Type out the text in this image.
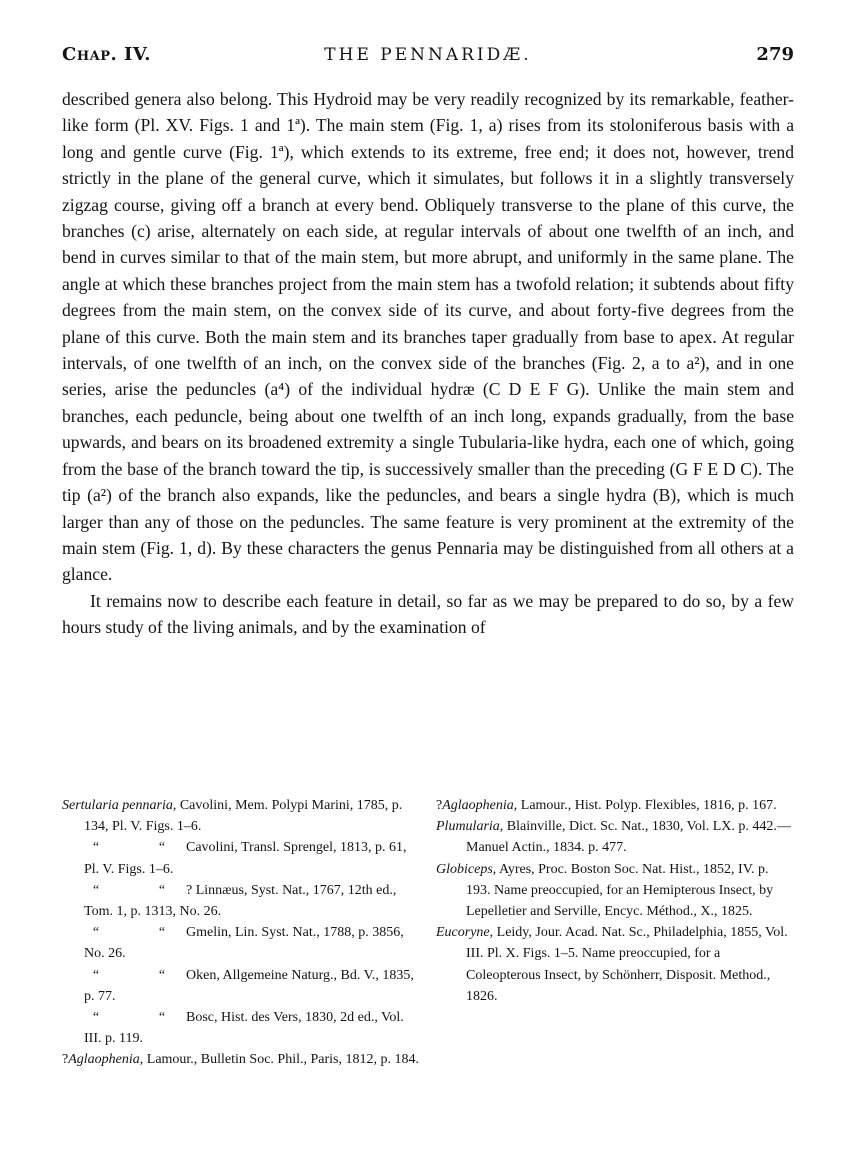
Chap. IV.	THE PENNARIDÆ.	279

described genera also belong. This Hydroid may be very readily recognized by its remarkable, feather-like form (Pl. XV. Figs. 1 and 1ª). The main stem (Fig. 1, a) rises from its stoloniferous basis with a long and gentle curve (Fig. 1ª), which extends to its extreme, free end; it does not, however, trend strictly in the plane of the general curve, which it simulates, but follows it in a slightly transversely zigzag course, giving off a branch at every bend. Obliquely transverse to the plane of this curve, the branches (c) arise, alternately on each side, at regular intervals of about one twelfth of an inch, and bend in curves similar to that of the main stem, but more abrupt, and uniformly in the same plane. The angle at which these branches project from the main stem has a twofold relation; it subtends about fifty degrees from the main stem, on the convex side of its curve, and about forty-five degrees from the plane of this curve. Both the main stem and its branches taper gradually from base to apex. At regular intervals, of one twelfth of an inch, on the convex side of the branches (Fig. 2, a to a²), and in one series, arise the peduncles (a⁴) of the individual hydræ (C D E F G). Unlike the main stem and branches, each peduncle, being about one twelfth of an inch long, expands gradually, from the base upwards, and bears on its broadened extremity a single Tubularia-like hydra, each one of which, going from the base of the branch toward the tip, is successively smaller than the preceding (G F E D C). The tip (a²) of the branch also expands, like the peduncles, and bears a single hydra (B), which is much larger than any of those on the peduncles. The same feature is very prominent at the extremity of the main stem (Fig. 1, d). By these characters the genus Pennaria may be distinguished from all others at a glance.

It remains now to describe each feature in detail, so far as we may be prepared to do so, by a few hours study of the living animals, and by the examination of

Sertularia pennaria, Cavolini, Mem. Polypi Marini, 1785, p. 134, Pl. V. Figs. 1–6.

“	“ Cavolini, Transl. Sprengel, 1813, p. 61, Pl. V. Figs. 1–6.

“	“ ? Linnæus, Syst. Nat., 1767, 12th ed., Tom. 1, p. 1313, No. 26.

“	“ Gmelin, Lin. Syst. Nat., 1788, p. 3856, No. 26.

“	“ Oken, Allgemeine Naturg., Bd. V., 1835, p. 77.

“	“ Bosc, Hist. des Vers, 1830, 2d ed., Vol. III. p. 119.

?Aglaophenia, Lamour., Bulletin Soc. Phil., Paris, 1812, p. 184.

?Aglaophenia, Lamour., Hist. Polyp. Flexibles, 1816, p. 167.

Plumularia, Blainville, Dict. Sc. Nat., 1830, Vol. LX. p. 442.—Manuel Actin., 1834. p. 477.

Globiceps, Ayres, Proc. Boston Soc. Nat. Hist., 1852, IV. p. 193. Name preoccupied, for an Hemipterous Insect, by Lepelletier and Serville, Encyc. Méthod., X., 1825.

Eucoryne, Leidy, Jour. Acad. Nat. Sc., Philadelphia, 1855, Vol. III. Pl. X. Figs. 1–5. Name preoccupied, for a Coleopterous Insect, by Schönherr, Disposit. Method., 1826.
